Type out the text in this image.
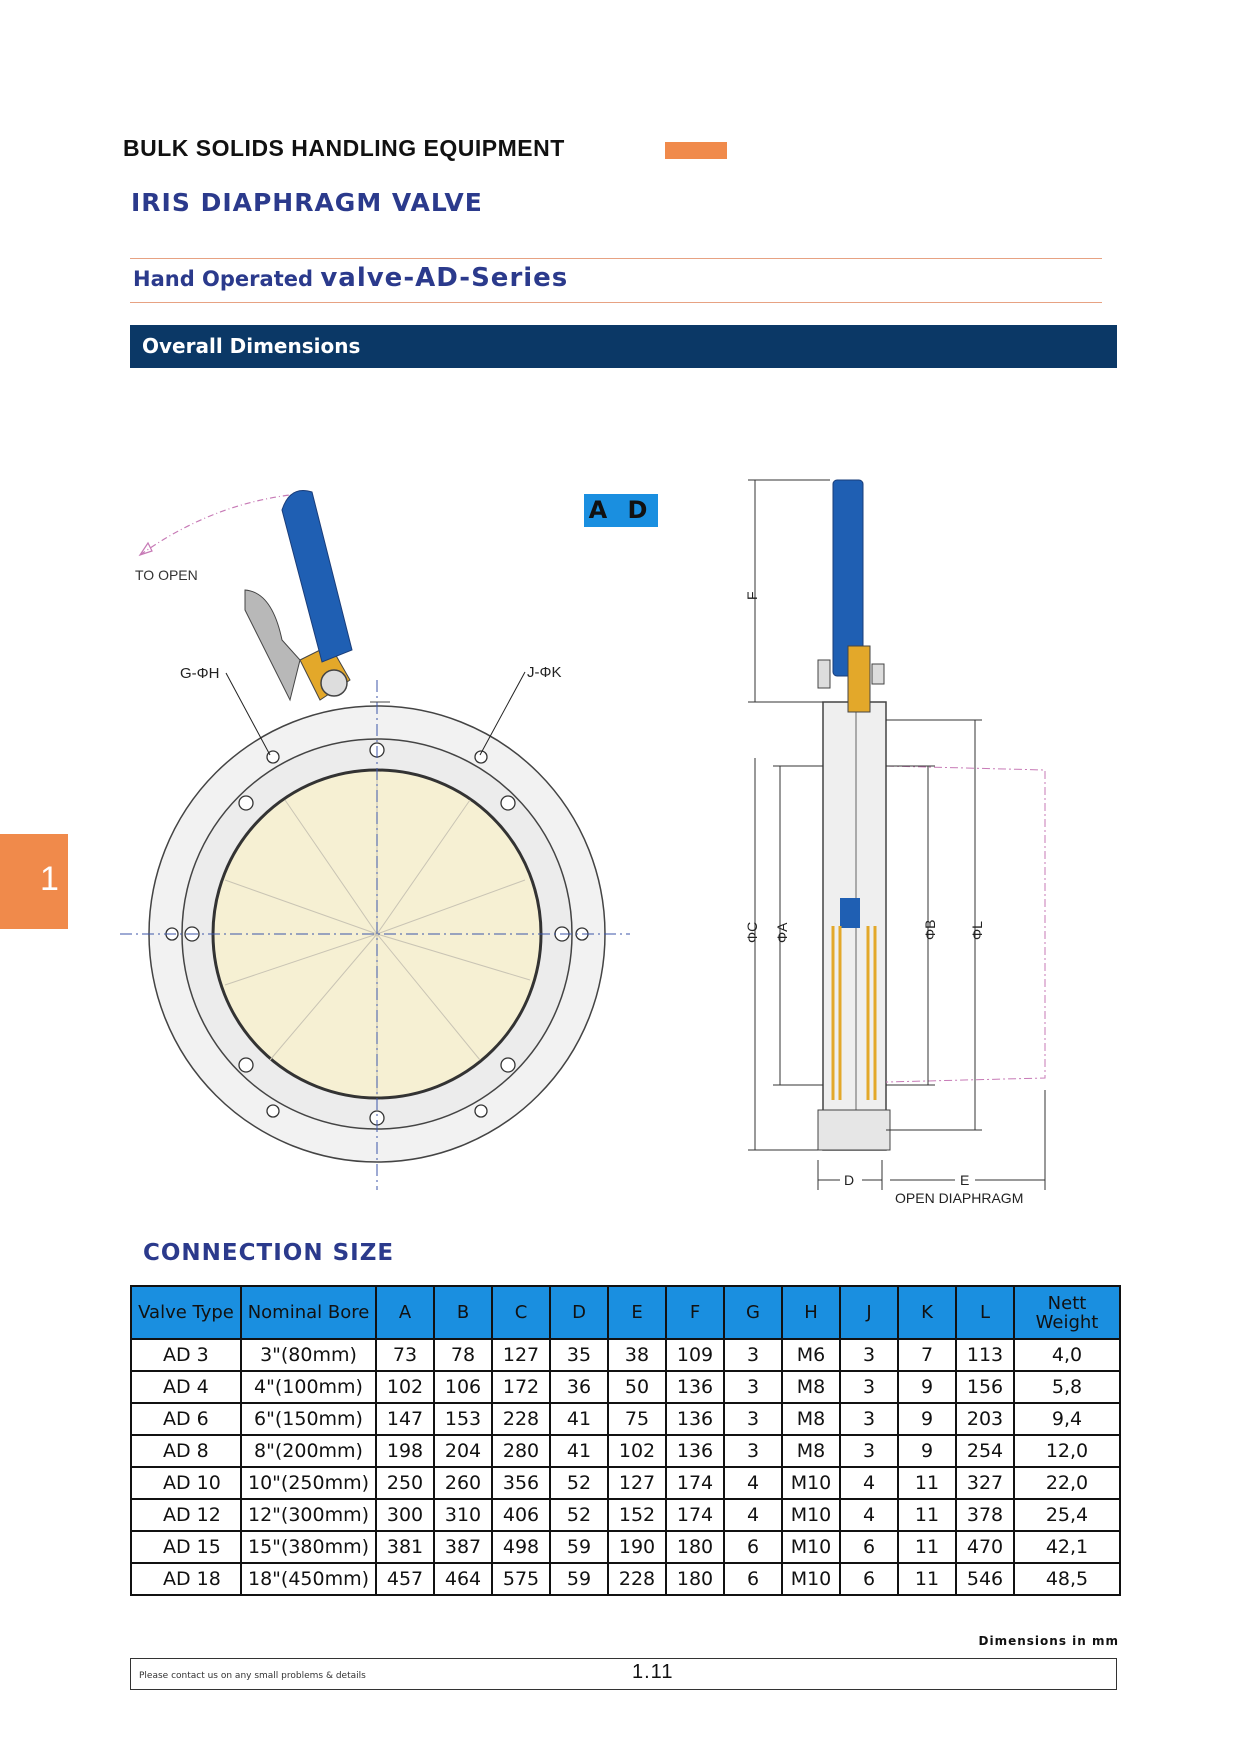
BULK SOLIDS HANDLING EQUIPMENT
IRIS DIAPHRAGM VALVE
Hand Operated valve-AD-Series
Overall Dimensions
1
TO OPEN
G-ΦH	J-ΦK
F
ΦC ΦA	ΦB ΦL
D	E
OPEN DIAPHRAGM
A D
CONNECTION SIZE
Valve Type	Nominal Bore	A	B	C	D	E	F	G	H	J	K	L	Nett Weight
AD 3	3"(80mm)	73	78	127	35	38	109	3	M6	3	7	113	4,0
AD 4	4"(100mm)	102	106	172	36	50	136	3	M8	3	9	156	5,8
AD 6	6"(150mm)	147	153	228	41	75	136	3	M8	3	9	203	9,4
AD 8	8"(200mm)	198	204	280	41	102	136	3	M8	3	9	254	12,0
AD 10	10"(250mm)	250	260	356	52	127	174	4	M10	4	11	327	22,0
AD 12	12"(300mm)	300	310	406	52	152	174	4	M10	4	11	378	25,4
AD 15	15"(380mm)	381	387	498	59	190	180	6	M10	6	11	470	42,1
AD 18	18"(450mm)	457	464	575	59	228	180	6	M10	6	11	546	48,5
Dimensions in mm
Please contact us on any small problems & details	1.11
